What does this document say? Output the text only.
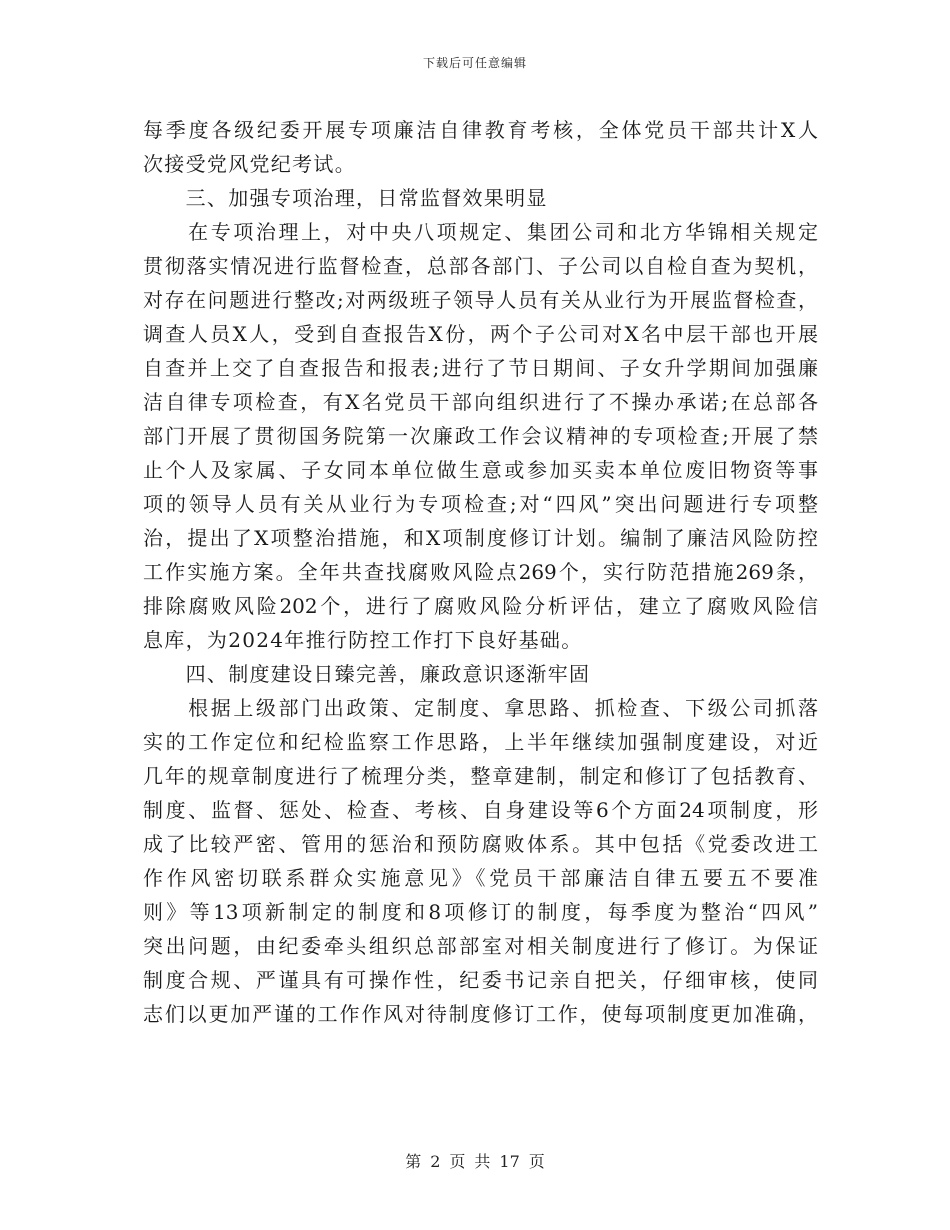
下载后可任意编辑
每季度各级纪委开展专项廉洁自律教育考核，全体党员干部共计X人
次接受党风党纪考试。
　　三、加强专项治理，日常监督效果明显
　　在专项治理上，对中央八项规定、集团公司和北方华锦相关规定
贯彻落实情况进行监督检查，总部各部门、子公司以自检自查为契机，
对存在问题进行整改;对两级班子领导人员有关从业行为开展监督检查，
调查人员X人，受到自查报告X份，两个子公司对X名中层干部也开展
自查并上交了自查报告和报表;进行了节日期间、子女升学期间加强廉
洁自律专项检查，有X名党员干部向组织进行了不操办承诺;在总部各
部门开展了贯彻国务院第一次廉政工作会议精神的专项检查;开展了禁
止个人及家属、子女同本单位做生意或参加买卖本单位废旧物资等事
项的领导人员有关从业行为专项检查;对“四风”突出问题进行专项整
治，提出了X项整治措施，和X项制度修订计划。编制了廉洁风险防控
工作实施方案。全年共查找腐败风险点269个，实行防范措施269条，
排除腐败风险202个，进行了腐败风险分析评估，建立了腐败风险信
息库，为2024年推行防控工作打下良好基础。
　　四、制度建设日臻完善，廉政意识逐渐牢固
　　根据上级部门出政策、定制度、拿思路、抓检查、下级公司抓落
实的工作定位和纪检监察工作思路，上半年继续加强制度建设，对近
几年的规章制度进行了梳理分类，整章建制，制定和修订了包括教育、
制度、监督、惩处、检查、考核、自身建设等6个方面24项制度，形
成了比较严密、管用的惩治和预防腐败体系。其中包括《党委改进工
作作风密切联系群众实施意见》《党员干部廉洁自律五要五不要准
则》等13项新制定的制度和8项修订的制度，每季度为整治“四风”
突出问题，由纪委牵头组织总部部室对相关制度进行了修订。为保证
制度合规、严谨具有可操作性，纪委书记亲自把关，仔细审核，使同
志们以更加严谨的工作作风对待制度修订工作，使每项制度更加准确，
第 2 页 共 17 页
